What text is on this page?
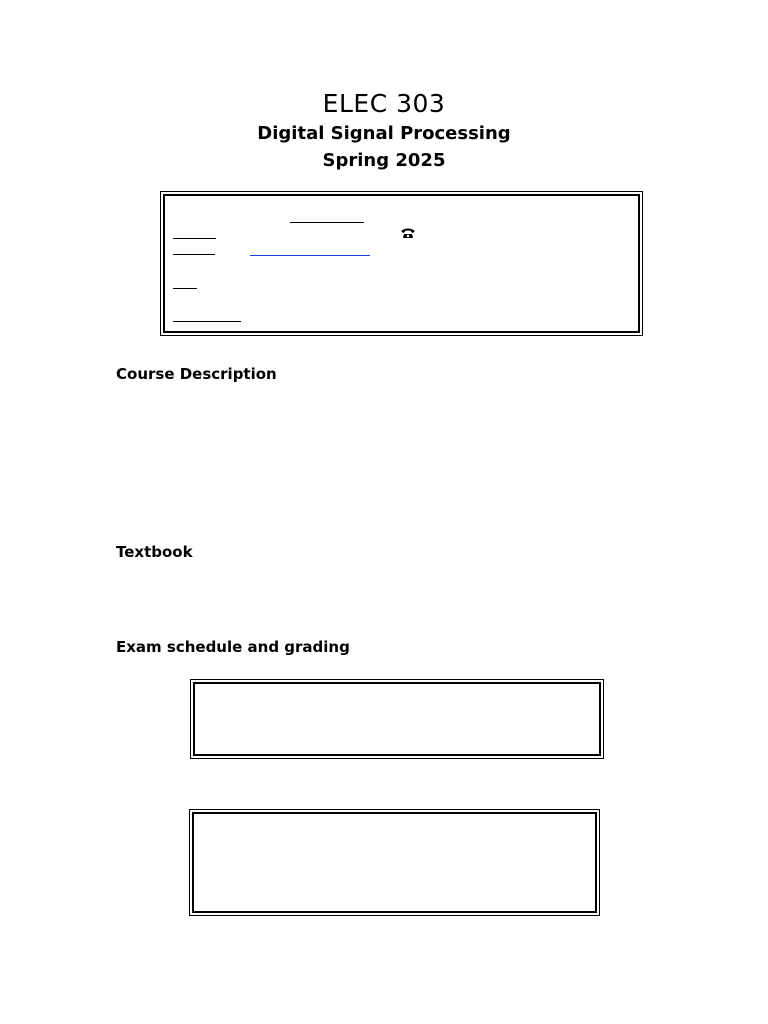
ELEC 303
Digital Signal Processing
Spring 2025
Course Description
Textbook
Exam schedule and grading
